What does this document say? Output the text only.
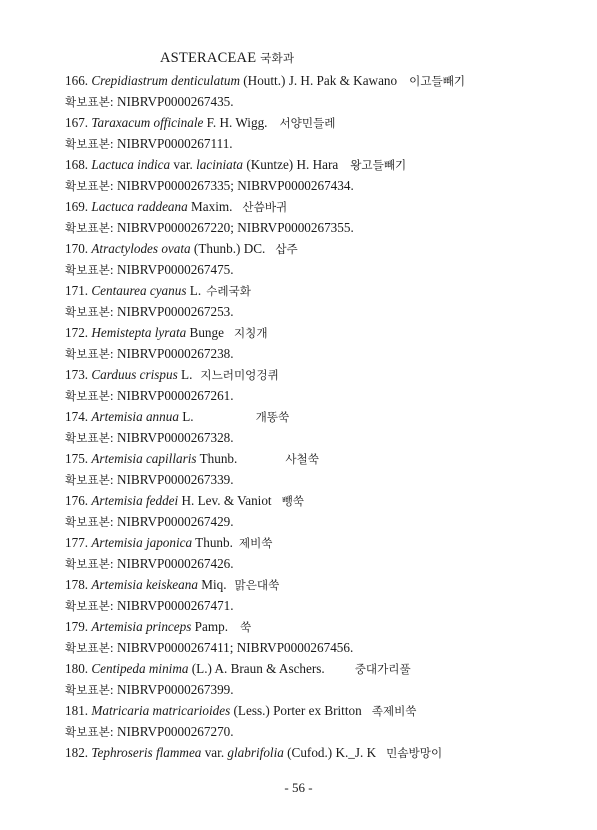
ASTERACEAE 국화과
166. Crepidiastrum denticulatum (Houtt.) J. H. Pak & Kawano 이고들빼기
확보표본: NIBRVP0000267435.
167. Taraxacum officinale F. H. Wigg. 서양민들레
확보표본: NIBRVP0000267111.
168. Lactuca indica var. laciniata (Kuntze) H. Hara 왕고들빼기
확보표본: NIBRVP0000267335; NIBRVP0000267434.
169. Lactuca raddeana Maxim. 산씀바귀
확보표본: NIBRVP0000267220; NIBRVP0000267355.
170. Atractylodes ovata (Thunb.) DC. 삽주
확보표본: NIBRVP0000267475.
171. Centaurea cyanus L. 수레국화
확보표본: NIBRVP0000267253.
172. Hemistepta lyrata Bunge 지칭개
확보표본: NIBRVP0000267238.
173. Carduus crispus L. 지느러미엉겅퀴
확보표본: NIBRVP0000267261.
174. Artemisia annua L.	개똥쑥
확보표본: NIBRVP0000267328.
175. Artemisia capillaris Thunb.	사철쑥
확보표본: NIBRVP0000267339.
176. Artemisia feddei H. Lev. & Vaniot 뺑쑥
확보표본: NIBRVP0000267429.
177. Artemisia japonica Thunb. 제비쑥
확보표본: NIBRVP0000267426.
178. Artemisia keiskeana Miq. 맑은대쑥
확보표본: NIBRVP0000267471.
179. Artemisia princeps Pamp. 쑥
확보표본: NIBRVP0000267411; NIBRVP0000267456.
180. Centipeda minima (L.) A. Braun & Aschers.	중대가리풀
확보표본: NIBRVP0000267399.
181. Matricaria matricarioides (Less.) Porter ex Britton 족제비쑥
확보표본: NIBRVP0000267270.
182. Tephroseris flammea var. glabrifolia (Cufod.) K._J. K 민솜방망이
- 56 -
